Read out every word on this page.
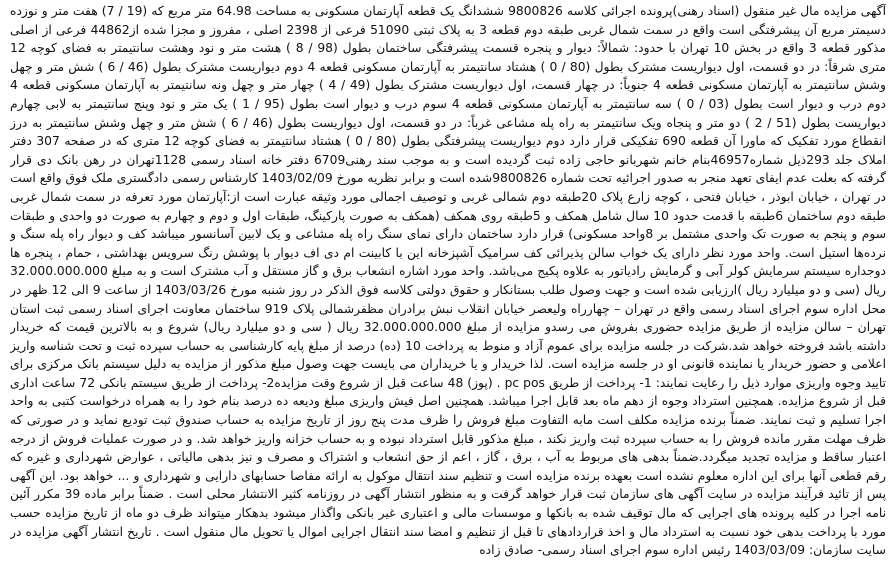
آگهی مزایده مال غیر منقول (اسناد رهنی)پرونده اجرائی کلاسه 9800826 ششدانگ یک قطعه آپارتمان مسکونی به مساحت 64.98 متر مربع که (19 / 7) هفت متر و نوزده دسیمتر مربع آن پیشرفتگی است واقع در سمت شمال غربی طبقه دوم قطعه 3 به پلاک ثبتی 51090 فرعی از 2398 اصلی ، مفروز و مجزا شده از44862 فرعی از اصلی مذکور قطعه 3 واقع در بخش 10 تهران با حدود: شمالاً: دیوار و پنجره قسمت پیشرفتگی ساختمان بطول (98 / 8 ) هشت متر و نود وهشت سانتیمتر به فضای کوچه 12 متری شرقاً: در دو قسمت، اول دیواریست مشترک بطول (80 / 0 ) هشتاد سانتیمتر به آپارتمان مسکونی قطعه 4 دوم دیواریست مشترک بطول (46 / 6 ) شش متر و چهل وشش سانتیمتر به آپارتمان مسکونی قطعه 4 جنوباً: در چهار قسمت، اول دیواریست مشترک بطول (49 / 4 ) چهار متر و چهل ونه سانتیمتر به آپارتمان مسکونی قطعه 4 دوم درب و دیوار است بطول (03 / 0 ) سه سانتیمتر به آپارتمان مسکونی قطعه 4 سوم درب و دیوار است بطول (95 / 1 ) یک متر و نود وپنج سانتیمتر به لابی چهارم دیواریست بطول (51 / 2 ) دو متر و پنجاه ویک سانتیمتر به راه پله مشاعی غرباً: در دو قسمت، اول دیواریست بطول (46 / 6 ) شش متر و چهل وشش سانتیمتر به درز انقطاع مورد تفکیک که ماورا آن قطعه 690 تفکیکی قرار دارد دوم دیواریست پیشرفتگی بطول (80 / 0 ) هشتاد سانتیمتر به فضای کوچه 12 متری که در صفحه 307 دفتر املاک جلد 293ذیل شماره46957بنام خانم شهربانو حاجی زاده ثبت گردیده است و به موجب سند رهنی6709 دفتر خانه اسناد رسمی 1128تهران در رهن بانک دی قرار گرفته که بعلت عدم ایفای تعهد منجر به صدور اجرائیه تحت شماره 9800826شده است و برابر نظریه مورخ 1403/02/09 کارشناس رسمی دادگستری ملک فوق واقع است در تهران ، خیابان ابوذر ، خیابان فتحی ، کوچه زارع پلاک 20طبقه دوم شمالی غربی و توصیف اجمالی مورد وثیقه عبارت است از:آپارتمان مورد تعرفه در سمت شمال غربی طبقه دوم ساختمان 6طبقه با قدمت حدود 10 سال شامل همکف و 5طبقه روی همکف (همکف به صورت پارکینگ، طبقات اول و دوم و چهارم به صورت دو واحدی و طبقات سوم و پنجم به صورت تک واحدی مشتمل بر 8واحد مسکونی) قرار دارد ساختمان دارای نمای سنگ راه پله مشاعی و یک لابین آسانسور میباشد کف و دیوار راه پله سنگ و نرده‌ها استیل است. واحد مورد نظر دارای یک خواب سالن پذیرائی کف سرامیک آشپزخانه این با کابینت ام دی اف دیوار با پوشش رنگ سرویس بهداشتی ، حمام ، پنجره ها دوجداره سیستم سرمایش کولر آبی و گرمایش رادیاتور به علاوه پکیج می‌باشد. واحد مورد اشاره انشعاب برق و گاز مستقل و آب مشترک است و به مبلغ 32.000.000.000 ریال (سی و دو میلیارد ریال )ارزیابی شده است و جهت وصول طلب بستانکار و حقوق دولتی کلاسه فوق الذکر در روز شنبه مورخ 1403/03/26 از ساعت 9 الی 12 ظهر در محل اداره سوم اجرای اسناد رسمی واقع در تهران – چهارراه ولیعصر خیابان انقلاب نبش برادران مظفرشمالی پلاک 919 ساختمان معاونت اجرای اسناد رسمی ثبت استان تهران – سالن مزایده از طریق مزایده حضوری بفروش می رسدو مزایده از مبلغ 32.000.000.000 ریال ( سی و دو میلیارد ریال) شروع و به بالاترین قیمت که خریدار داشته باشد فروخته خواهد شد.شرکت در جلسه مزایده برای عموم آزاد و منوط به پرداخت 10 (ده) درصد از مبلغ پایه کارشناسی به حساب سپرده ثبت و تحت شناسه واریز اعلامی و حضور خریدار یا نماینده قانونی او در جلسه مزایده است. لذا خریدار و یا خریداران می بایست جهت وصول مبلغ مذکور از مزایده به دلیل سیستم بانک مرکزی برای تایید وجوه واریزی موارد ذیل را رعایت نمایند: 1- پرداخت از طریق pc pos . (پوز) 48 ساعت قبل از شروع وقت مزایده2- پرداخت از طریق سیستم بانکی 72 ساعت اداری قبل از شروع مزایده. همچنین استرداد وجوه از دهم ماه بعد قابل اجرا میباشد. همچنین اصل فیش واریزی مبلغ ودیعه ده درصد بنام خود را به همراه درخواست کتبی به واحد اجرا تسلیم و ثبت نمایند. ضمناً برنده مزایده مکلف است مابه التفاوت مبلغ فروش را ظرف مدت پنج روز از تاریخ مزایده به حساب صندوق ثبت تودیع نماید و در صورتی که ظرف مهلت مقرر مانده فروش را به حساب سپرده ثبت واریز نکند ، مبلغ مذکور قابل استرداد نبوده و به حساب خزانه واریز خواهد شد. و در صورت عملیات فروش از درجه اعتبار ساقط و مزایده تجدید میگردد.ضمناً بدهی های مربوط به آب ، برق ، گاز ، اعم از حق انشعاب و اشتراک و مصرف و نیز بدهی مالیاتی ، عوارض شهرداری و غیره که رقم قطعی آنها برای این اداره معلوم نشده است بعهده برنده مزایده است و تنظیم سند انتقال موکول به ارائه مفاصا حسابهای دارایی و شهرداری و ... خواهد بود. این آگهی پس از تائید فرآیند مزایده در سایت آگهی های سازمان ثبت قرار خواهد گرفت و به منظور انتشار آگهی در روزنامه کثیر الانتشار محلی است . ضمناً برابر ماده 39 مکرر آئین نامه اجرا در کلیه پرونده های اجرایی که مال توقیف شده به بانکها و موسسات مالی و اعتباری غیر بانکی واگذار میشود بدهکار میتواند ظرف دو ماه از تاریخ مزایده حسب مورد با پرداخت بدهی خود نسبت به استرداد مال و اخذ قراردادهای تا قبل از تنظیم و امضا سند انتقال اجرایی اموال یا تحویل مال منقول است . تاریخ انتشار آگهی مزایده در سایت سازمان: 1403/03/09 رئیس اداره سوم اجرای اسناد رسمی- صادق زاده
